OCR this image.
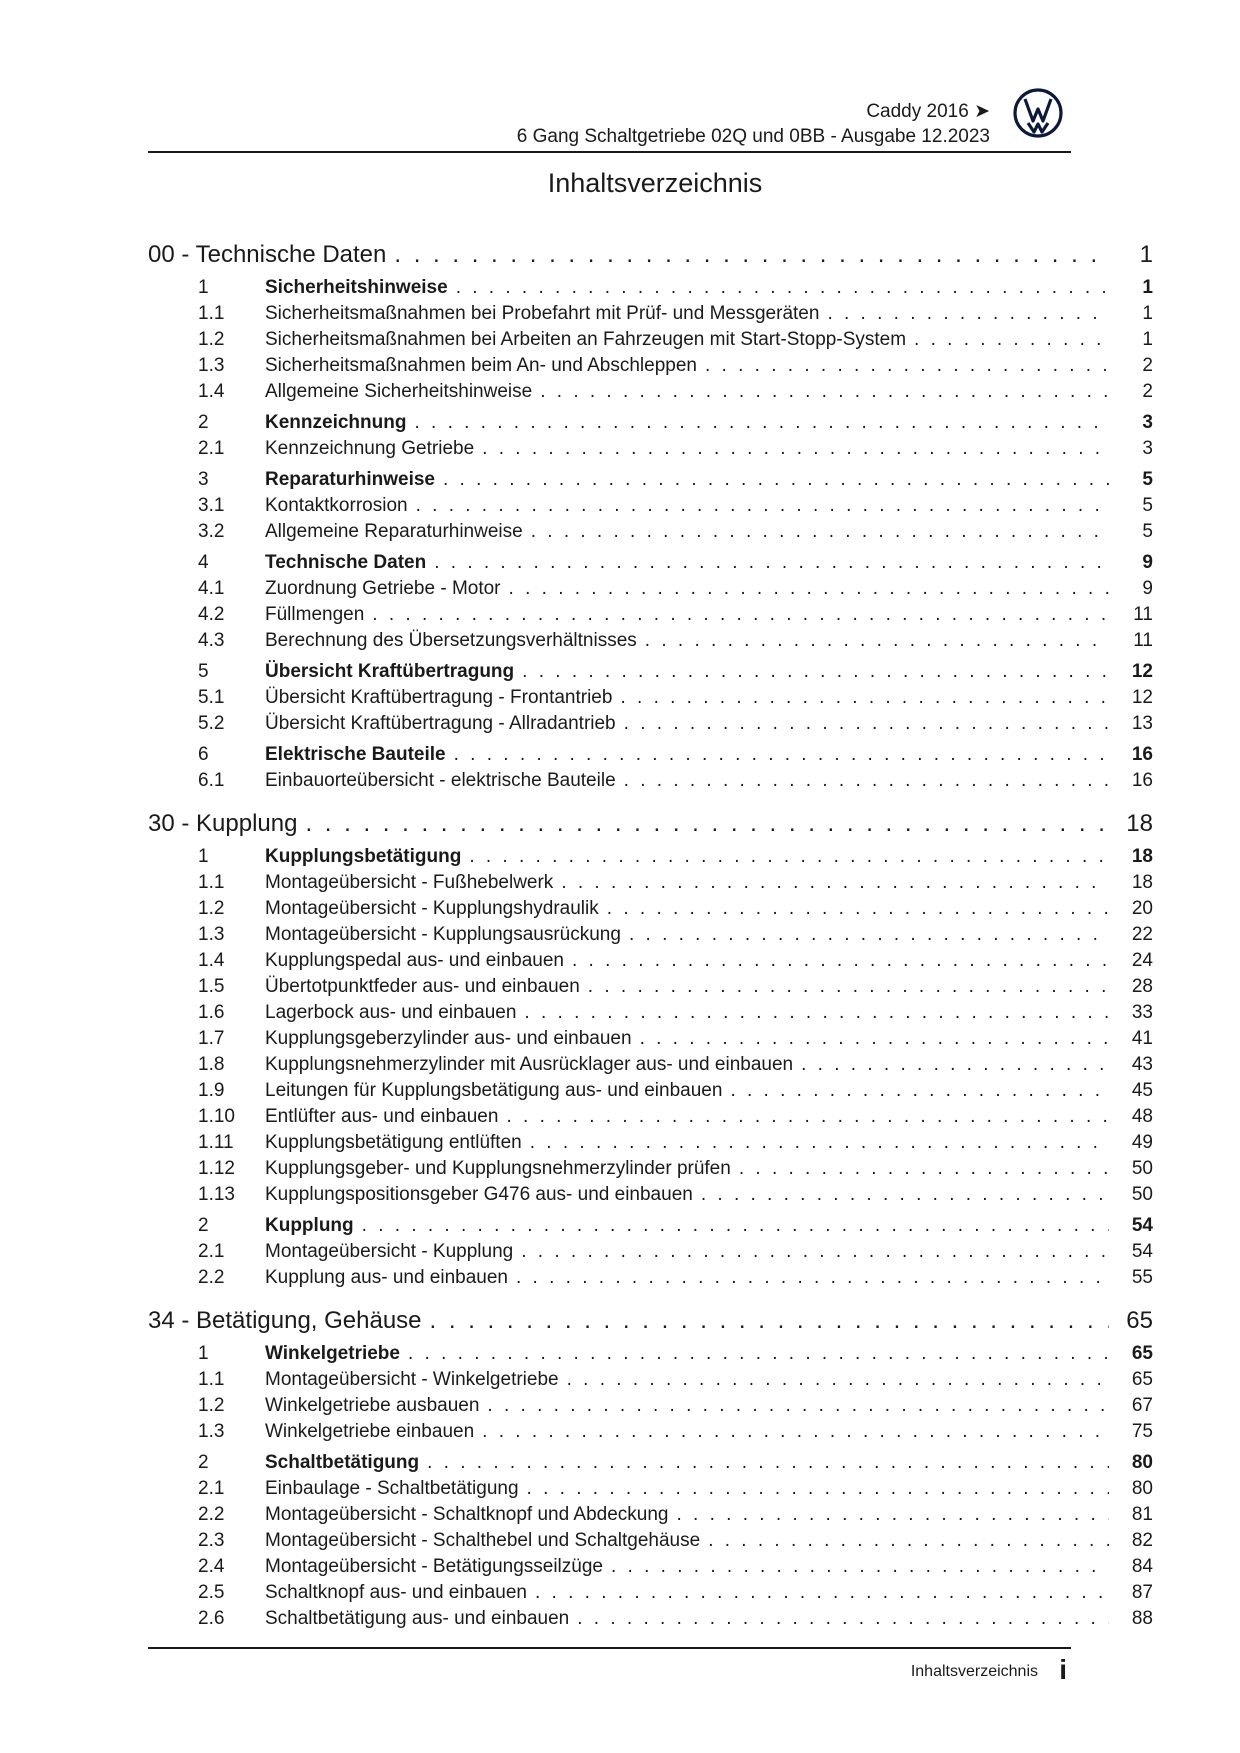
Caddy 2016 ➤
6 Gang Schaltgetriebe 02Q und 0BB - Ausgabe 12.2023
Inhaltsverzeichnis
00 - Technische Daten . . .	1
1	Sicherheitshinweise . . .	1
1.1	Sicherheitsmaßnahmen bei Probefahrt mit Prüf- und Messgeräten . . .	1
1.2	Sicherheitsmaßnahmen bei Arbeiten an Fahrzeugen mit Start-Stopp-System . . .	1
1.3	Sicherheitsmaßnahmen beim An- und Abschleppen . . .	2
1.4	Allgemeine Sicherheitshinweise . . .	2
2	Kennzeichnung . . .	3
2.1	Kennzeichnung Getriebe . . .	3
3	Reparaturhinweise . . .	5
3.1	Kontaktkorrosion . . .	5
3.2	Allgemeine Reparaturhinweise . . .	5
4	Technische Daten . . .	9
4.1	Zuordnung Getriebe - Motor . . .	9
4.2	Füllmengen . . .	11
4.3	Berechnung des Übersetzungsverhältnisses . . .	11
5	Übersicht Kraftübertragung . . .	12
5.1	Übersicht Kraftübertragung - Frontantrieb . . .	12
5.2	Übersicht Kraftübertragung - Allradantrieb . . .	13
6	Elektrische Bauteile . . .	16
6.1	Einbauorteübersicht - elektrische Bauteile . . .	16
30 - Kupplung . . .	18
1	Kupplungsbetätigung . . .	18
1.1	Montageübersicht - Fußhebelwerk . . .	18
1.2	Montageübersicht - Kupplungshydraulik . . .	20
1.3	Montageübersicht - Kupplungsausrückung . . .	22
1.4	Kupplungspedal aus- und einbauen . . .	24
1.5	Übertotpunktfeder aus- und einbauen . . .	28
1.6	Lagerbock aus- und einbauen . . .	33
1.7	Kupplungsgeberzylinder aus- und einbauen . . .	41
1.8	Kupplungsnehmerzylinder mit Ausrücklager aus- und einbauen . . .	43
1.9	Leitungen für Kupplungsbetätigung aus- und einbauen . . .	45
1.10	Entlüfter aus- und einbauen . . .	48
1.11	Kupplungsbetätigung entlüften . . .	49
1.12	Kupplungsgeber- und Kupplungsnehmerzylinder prüfen . . .	50
1.13	Kupplungspositionsgeber G476 aus- und einbauen . . .	50
2	Kupplung . . .	54
2.1	Montageübersicht - Kupplung . . .	54
2.2	Kupplung aus- und einbauen . . .	55
34 - Betätigung, Gehäuse . . .	65
1	Winkelgetriebe . . .	65
1.1	Montageübersicht - Winkelgetriebe . . .	65
1.2	Winkelgetriebe ausbauen . . .	67
1.3	Winkelgetriebe einbauen . . .	75
2	Schaltbetätigung . . .	80
2.1	Einbaulage - Schaltbetätigung . . .	80
2.2	Montageübersicht - Schaltknopf und Abdeckung . . .	81
2.3	Montageübersicht - Schalthebel und Schaltgehäuse . . .	82
2.4	Montageübersicht - Betätigungsseilzüge . . .	84
2.5	Schaltknopf aus- und einbauen . . .	87
2.6	Schaltbetätigung aus- und einbauen . . .	88
Inhaltsverzeichnis i
